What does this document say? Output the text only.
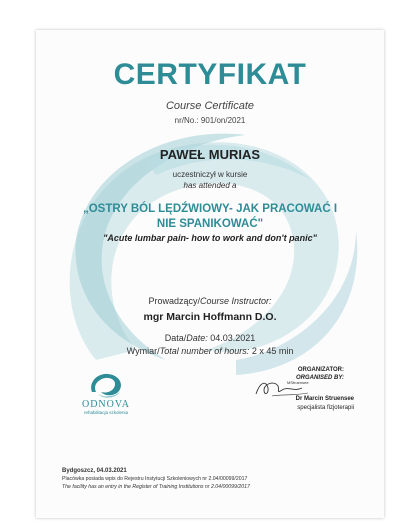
CERTYFIKAT
Course Certificate
nr/No.: 901/on/2021
PAWEŁ MURIAS
uczestniczył w kursie
has attended a
„OSTRY BÓL LĘDŹWIOWY- JAK PRACOWAĆ I NIE SPANIKOWAĆ"
"Acute lumbar pain- how to work and don't panic"
Prowadzący/Course Instructor:
mgr Marcin Hoffmann D.O.
Data/Date: 04.03.2021
Wymiar/Total number of hours: 2 x 45 min
ODNOVA
rehabilitacja szkolenia
ORGANIZATOR:
ORGANISED BY:
MStruensee
Dr Marcin Struensee
specjalista fizjoterapii
Bydgoszcz, 04.03.2021
Placówka posiada wpis do Rejestru Instytucji Szkoleniowych nr 2.04/00099/2017
The facility has an entry in the Register of Training Institutions nr 2.04/00099/2017
